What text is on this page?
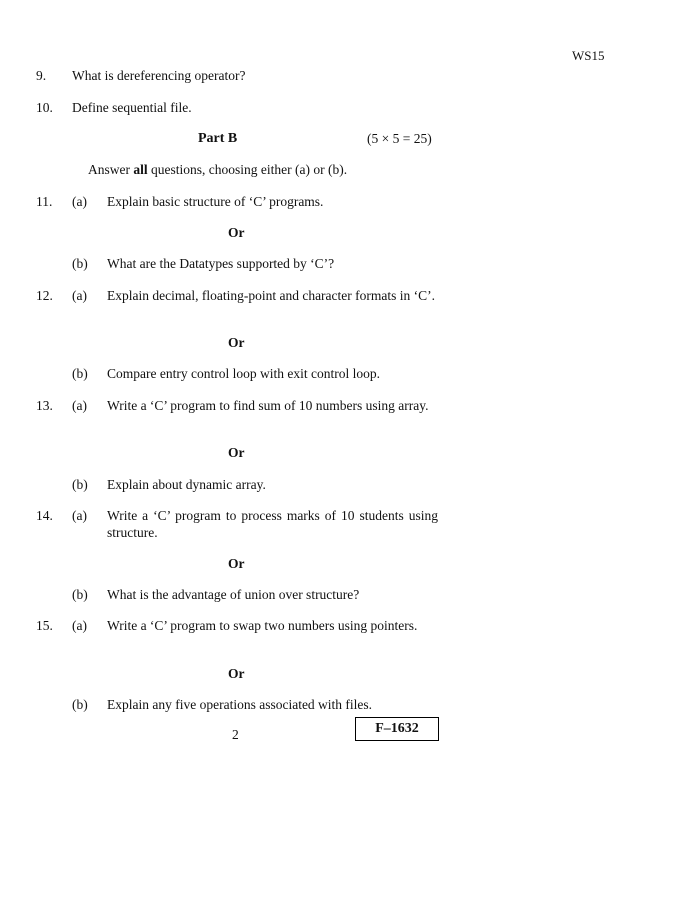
WS15
9. What is dereferencing operator?
10. Define sequential file.
Part B	(5 × 5 = 25)
Answer all questions, choosing either (a) or (b).
11. (a) Explain basic structure of ‘C’ programs.
Or
(b) What are the Datatypes supported by ‘C’?
12. (a) Explain decimal, floating-point and character formats in ‘C’.
Or
(b) Compare entry control loop with exit control loop.
13. (a) Write a ‘C’ program to find sum of 10 numbers using array.
Or
(b) Explain about dynamic array.
14. (a) Write a ‘C’ program to process marks of 10 students using structure.
Or
(b) What is the advantage of union over structure?
15. (a) Write a ‘C’ program to swap two numbers using pointers.
Or
(b) Explain any five operations associated with files.
2	F–1632
